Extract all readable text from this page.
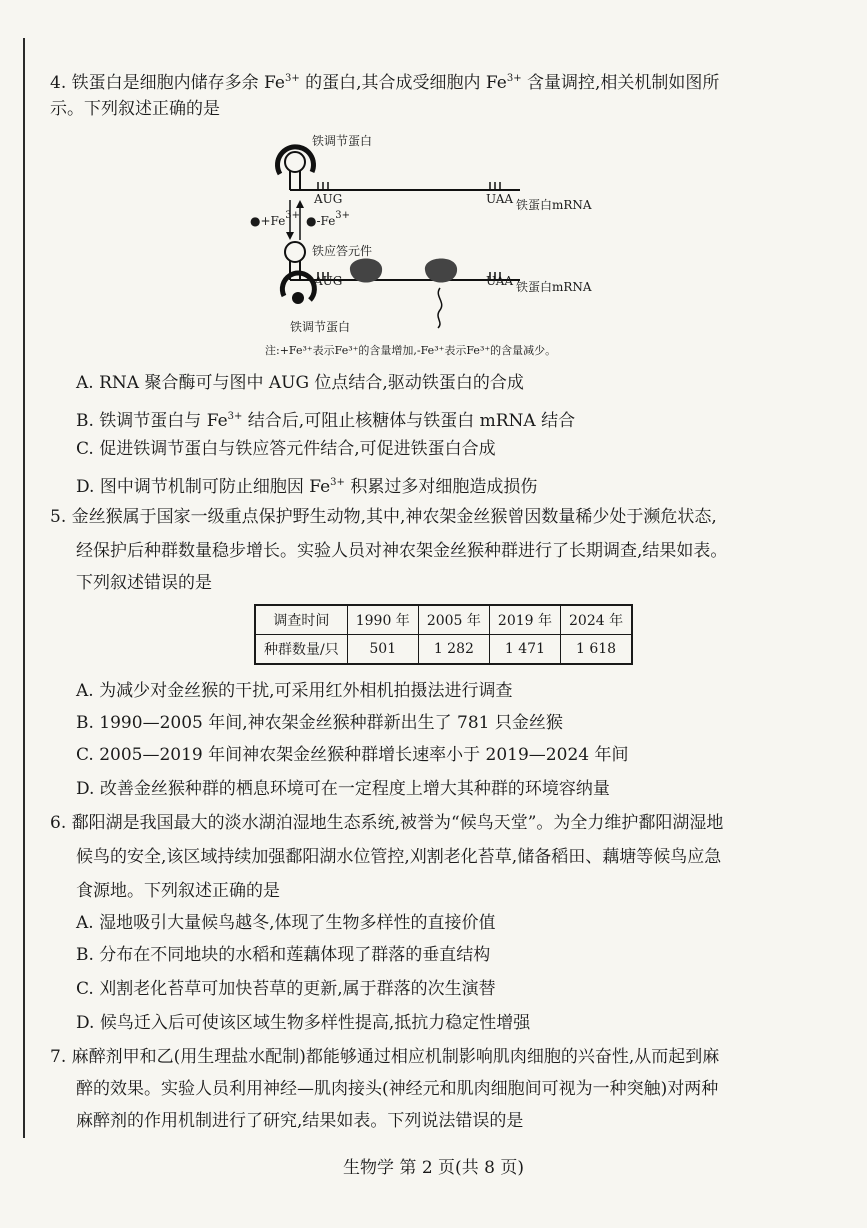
4. 铁蛋白是细胞内储存多余 $Fe^{3+}$ 的蛋白,其合成受细胞内 $Fe^{3+}$ 含量调控,相关机制如图所
示。下列叙述正确的是
铁调节蛋白
AUG	UAA 铁蛋白mRNA
$●+Fe^{3+}$ $●-Fe^{3+}$
铁应答元件
AUG	UAA 铁蛋白mRNA
铁调节蛋白
注:+Fe³⁺表示Fe³⁺的含量增加,-Fe³⁺表示Fe³⁺的含量减少。
A. RNA 聚合酶可与图中 AUG 位点结合,驱动铁蛋白的合成
B. 铁调节蛋白与 $Fe^{3+}$ 结合后,可阻止核糖体与铁蛋白 mRNA 结合
C. 促进铁调节蛋白与铁应答元件结合,可促进铁蛋白合成
D. 图中调节机制可防止细胞因 $Fe^{3+}$ 积累过多对细胞造成损伤
5. 金丝猴属于国家一级重点保护野生动物,其中,神农架金丝猴曾因数量稀少处于濒危状态,
经保护后种群数量稳步增长。实验人员对神农架金丝猴种群进行了长期调查,结果如表。
下列叙述错误的是
调查时间	1990 年	2005 年	2019 年	2024 年
种群数量/只	501	1 282	1 471	1 618
A. 为减少对金丝猴的干扰,可采用红外相机拍摄法进行调查
B. 1990—2005 年间,神农架金丝猴种群新出生了 781 只金丝猴
C. 2005—2019 年间神农架金丝猴种群增长速率小于 2019—2024 年间
D. 改善金丝猴种群的栖息环境可在一定程度上增大其种群的环境容纳量
6. 鄱阳湖是我国最大的淡水湖泊湿地生态系统,被誉为“候鸟天堂”。为全力维护鄱阳湖湿地
候鸟的安全,该区域持续加强鄱阳湖水位管控,刈割老化苔草,储备稻田、藕塘等候鸟应急
食源地。下列叙述正确的是
A. 湿地吸引大量候鸟越冬,体现了生物多样性的直接价值
B. 分布在不同地块的水稻和莲藕体现了群落的垂直结构
C. 刈割老化苔草可加快苔草的更新,属于群落的次生演替
D. 候鸟迁入后可使该区域生物多样性提高,抵抗力稳定性增强
7. 麻醉剂甲和乙(用生理盐水配制)都能够通过相应机制影响肌肉细胞的兴奋性,从而起到麻
醉的效果。实验人员利用神经—肌肉接头(神经元和肌肉细胞间可视为一种突触)对两种
麻醉剂的作用机制进行了研究,结果如表。下列说法错误的是
生物学 第 2 页(共 8 页)
